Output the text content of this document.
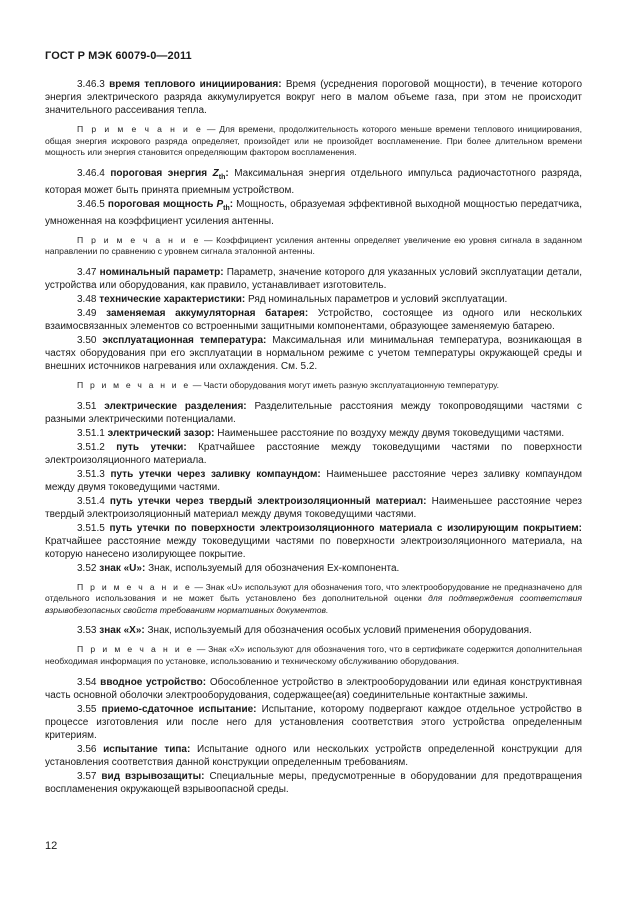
ГОСТ Р МЭК 60079-0—2011
3.46.3 время теплового инициирования: Время (усреднения пороговой мощности), в течение которого энергия электрического разряда аккумулируется вокруг него в малом объеме газа, при этом не происходит значительного рассеивания тепла.
П р и м е ч а н и е — Для времени, продолжительность которого меньше времени теплового инициирования, общая энергия искрового разряда определяет, произойдет или не произойдет воспламенение. При более длительном времени мощность или энергия становится определяющим фактором воспламенения.
3.46.4 пороговая энергия $Z_{th}$: Максимальная энергия отдельного импульса радиочастотного разряда, которая может быть принята приемным устройством.
3.46.5 пороговая мощность $P_{th}$: Мощность, образуемая эффективной выходной мощностью передатчика, умноженная на коэффициент усиления антенны.
П р и м е ч а н и е — Коэффициент усиления антенны определяет увеличение ею уровня сигнала в заданном направлении по сравнению с уровнем сигнала эталонной антенны.
3.47 номинальный параметр: Параметр, значение которого для указанных условий эксплуатации детали, устройства или оборудования, как правило, устанавливает изготовитель.
3.48 технические характеристики: Ряд номинальных параметров и условий эксплуатации.
3.49 заменяемая аккумуляторная батарея: Устройство, состоящее из одного или нескольких взаимосвязанных элементов со встроенными защитными компонентами, образующее заменяемую батарею.
3.50 эксплуатационная температура: Максимальная или минимальная температура, возникающая в частях оборудования при его эксплуатации в нормальном режиме с учетом температуры окружающей среды и внешних источников нагревания или охлаждения. См. 5.2.
П р и м е ч а н и е — Части оборудования могут иметь разную эксплуатационную температуру.
3.51 электрические разделения: Разделительные расстояния между токопроводящими частями с разными электрическими потенциалами.
3.51.1 электрический зазор: Наименьшее расстояние по воздуху между двумя токоведущими частями.
3.51.2 путь утечки: Кратчайшее расстояние между токоведущими частями по поверхности электроизоляционного материала.
3.51.3 путь утечки через заливку компаундом: Наименьшее расстояние через заливку компаундом между двумя токоведущими частями.
3.51.4 путь утечки через твердый электроизоляционный материал: Наименьшее расстояние через твердый электроизоляционный материал между двумя токоведущими частями.
3.51.5 путь утечки по поверхности электроизоляционного материала с изолирующим покрытием: Кратчайшее расстояние между токоведущими частями по поверхности электроизоляционного материала, на которую нанесено изолирующее покрытие.
3.52 знак «U»: Знак, используемый для обозначения Ex-компонента.
П р и м е ч а н и е — Знак «U» используют для обозначения того, что электрооборудование не предназначено для отдельного использования и не может быть установлено без дополнительной оценки для подтверждения соответствия взрывобезопасных свойств требованиям нормативных документов.
3.53 знак «X»: Знак, используемый для обозначения особых условий применения оборудования.
П р и м е ч а н и е — Знак «X» используют для обозначения того, что в сертификате содержится дополнительная необходимая информация по установке, использованию и техническому обслуживанию оборудования.
3.54 вводное устройство: Обособленное устройство в электрооборудовании или единая конструктивная часть основной оболочки электрооборудования, содержащее(ая) соединительные контактные зажимы.
3.55 приемо-сдаточное испытание: Испытание, которому подвергают каждое отдельное устройство в процессе изготовления или после него для установления соответствия этого устройства определенным критериям.
3.56 испытание типа: Испытание одного или нескольких устройств определенной конструкции для установления соответствия данной конструкции определенным требованиям.
3.57 вид взрывозащиты: Специальные меры, предусмотренные в оборудовании для предотвращения воспламенения окружающей взрывоопасной среды.
12
